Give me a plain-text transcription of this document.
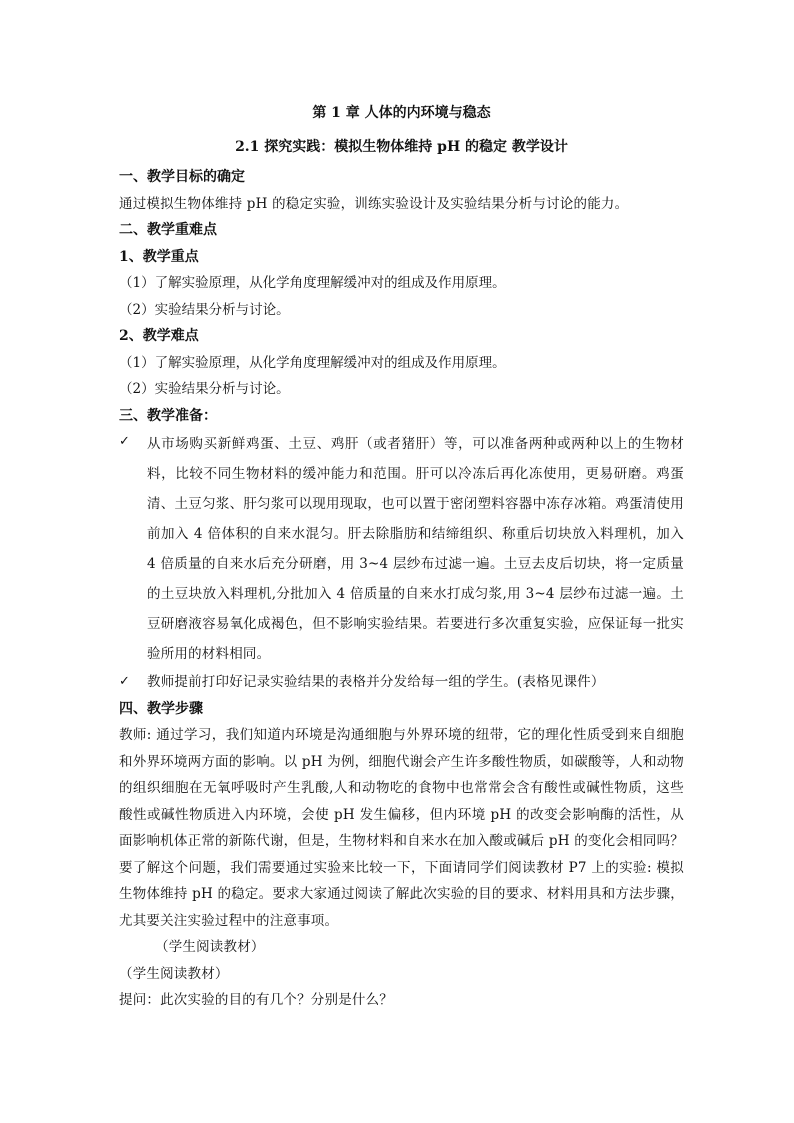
第 1 章 人体的内环境与稳态

2.1 探究实践：模拟生物体维持 pH 的稳定 教学设计

一、教学目标的确定

通过模拟生物体维持 pH 的稳定实验，训练实验设计及实验结果分析与讨论的能力。

二、教学重难点

1、教学重点

（1）了解实验原理，从化学角度理解缓冲对的组成及作用原理。

（2）实验结果分析与讨论。

2、教学难点

（1）了解实验原理，从化学角度理解缓冲对的组成及作用原理。

（2）实验结果分析与讨论。

三、教学准备：

✓	从市场购买新鲜鸡蛋、土豆、鸡肝（或者猪肝）等，可以准备两种或两种以上的生物材料，比较不同生物材料的缓冲能力和范围。肝可以冷冻后再化冻使用，更易研磨。鸡蛋清、土豆匀浆、肝匀浆可以现用现取，也可以置于密闭塑料容器中冻存冰箱。鸡蛋清使用前加入 4 倍体积的自来水混匀。肝去除脂肪和结缔组织、称重后切块放入料理机，加入 4 倍质量的自来水后充分研磨，用 3~4 层纱布过滤一遍。土豆去皮后切块，将一定质量的土豆块放入料理机,分批加入 4 倍质量的自来水打成匀浆,用 3~4 层纱布过滤一遍。土豆研磨液容易氧化成褐色，但不影响实验结果。若要进行多次重复实验，应保证每一批实验所用的材料相同。

✓	教师提前打印好记录实验结果的表格并分发给每一组的学生。(表格见课件）

四、教学步骤

教师: 通过学习，我们知道内环境是沟通细胞与外界环境的纽带，它的理化性质受到来自细胞和外界环境两方面的影响。以 pH 为例，细胞代谢会产生许多酸性物质，如碳酸等，人和动物的组织细胞在无氧呼吸时产生乳酸,人和动物吃的食物中也常常会含有酸性或碱性物质，这些酸性或碱性物质进入内环境，会使 pH 发生偏移，但内环境 pH 的改变会影响酶的活性，从面影响机体正常的新陈代谢，但是，生物材料和自来水在加入酸或碱后 pH 的变化会相同吗？要了解这个问题，我们需要通过实验来比较一下，下面请同学们阅读教材 P7 上的实验: 模拟生物体维持 pH 的稳定。要求大家通过阅读了解此次实验的目的要求、材料用具和方法步骤，尤其要关注实验过程中的注意事项。

（学生阅读教材）

（学生阅读教材）

提问：此次实验的目的有几个？分别是什么？
